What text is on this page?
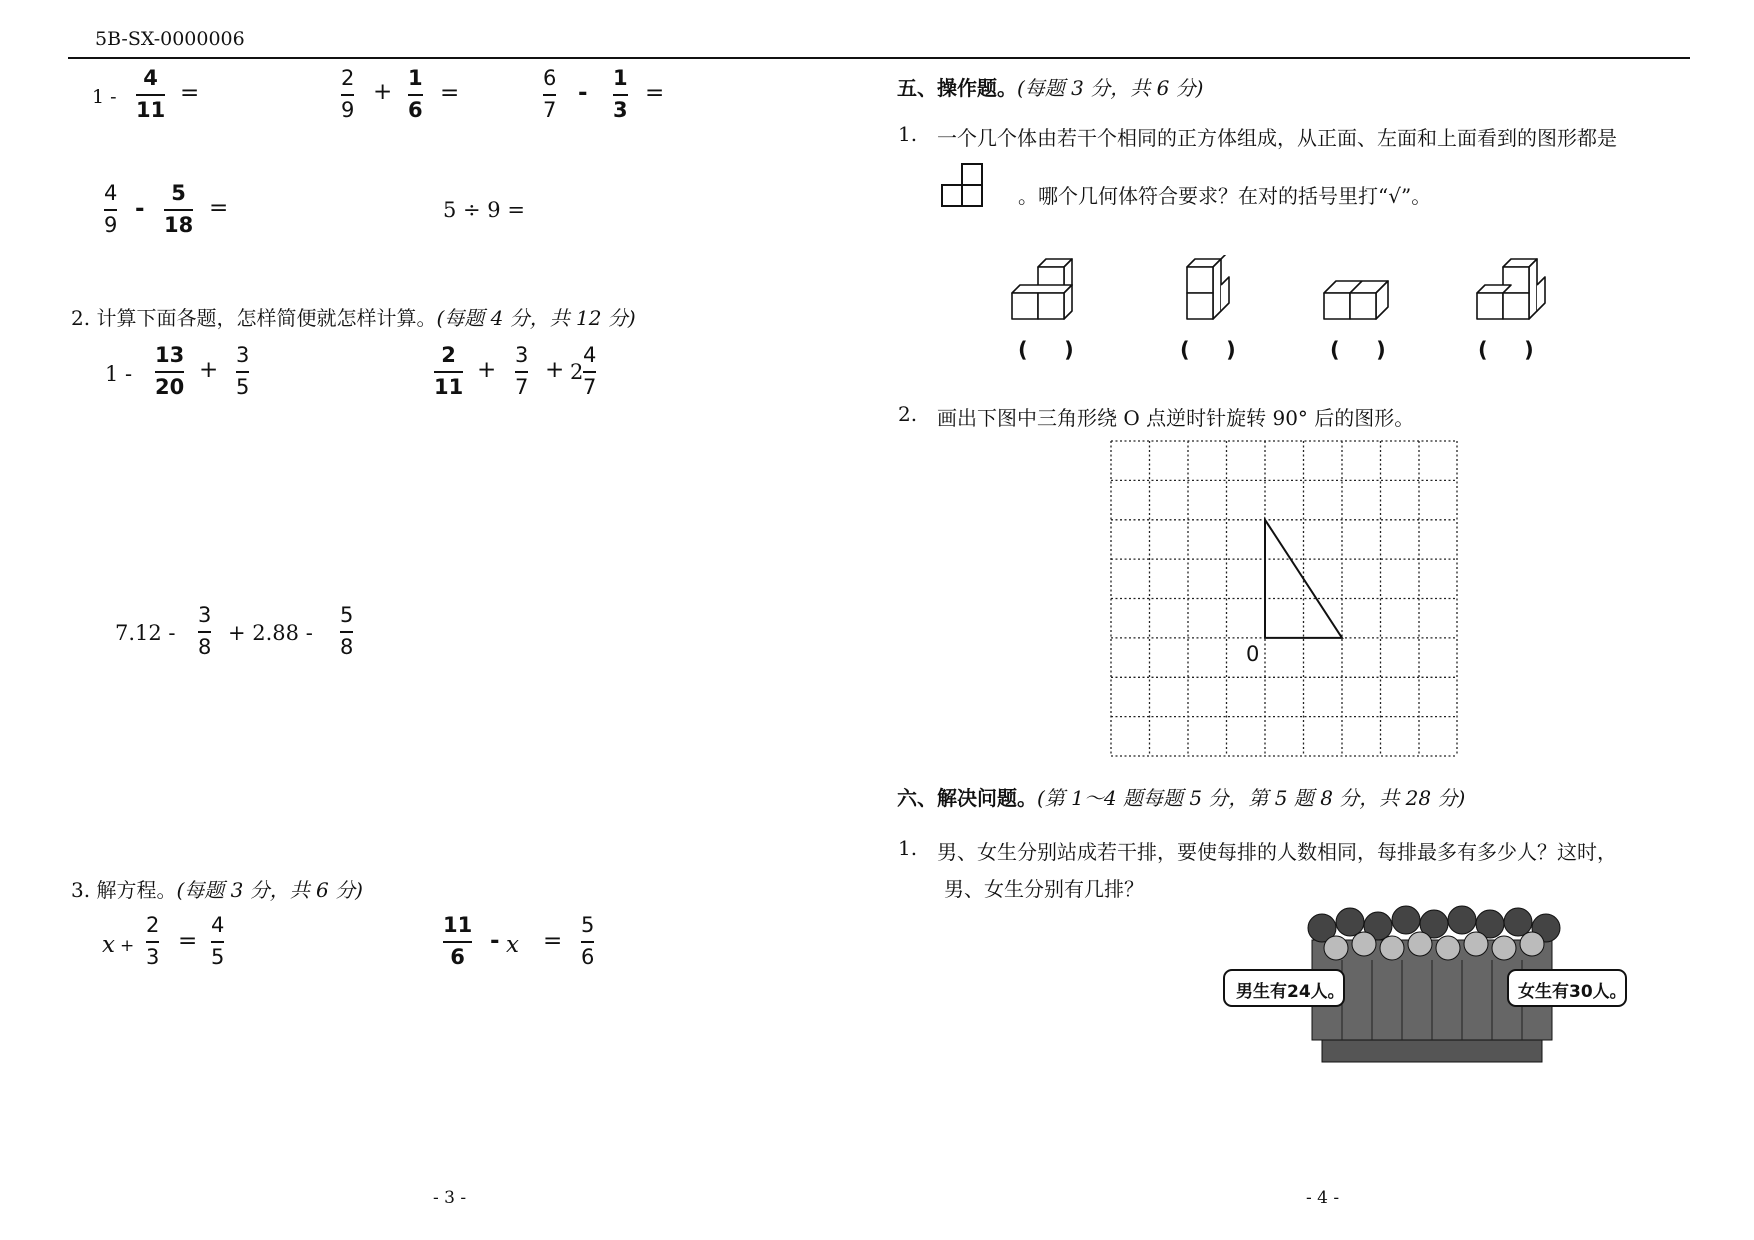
5B-SX-0000006
1 -
4
11
=
2
9
+
1
6
=
6
7
-
1
3
=
4
9
-
5
18
=	5 ÷ 9 =
2. 计算下面各题，怎样简便就怎样计算。(每题 4 分，共 12 分)
1 -
13
20
+
3
5
2
11
+
3
7
+ 2
4
7
7.12 -
3
8
+ 2.88 -
5
8
3. 解方程。(每题 3 分，共 6 分)
x +
2
3
=
4
5
11
6
- x =
5
6
- 3 -
五、操作题。(每题 3 分，共 6 分)
1. 一个几个体由若干个相同的正方体组成，从正面、左面和上面看到的图形都是
。哪个几何体符合要求？在对的括号里打“√”。
(     )	(     )	(     )	(     )
2. 画出下图中三角形绕 O 点逆时针旋转 90° 后的图形。
0
六、解决问题。(第 1～4 题每题 5 分，第 5 题 8 分，共 28 分)
1. 男、女生分别站成若干排，要使每排的人数相同，每排最多有多少人？这时，
男、女生分别有几排？
男生有24人。	女生有30人。
- 4 -
